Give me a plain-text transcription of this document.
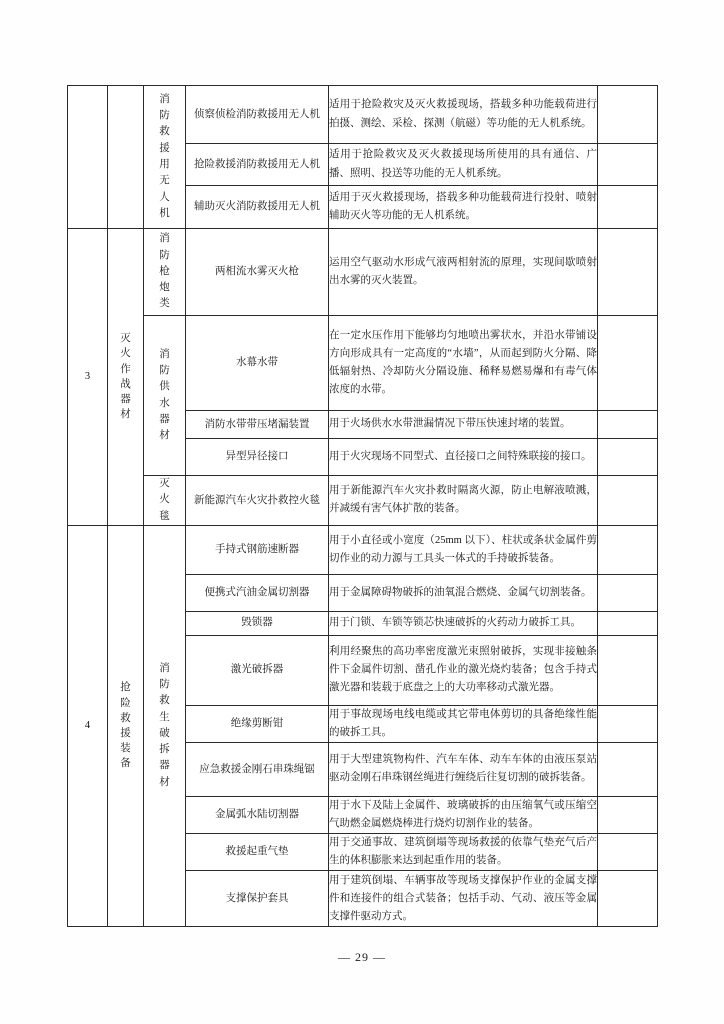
		消防救援用无人机	侦察侦检消防救援用无人机	适用于抢险救灾及灭火救援现场，搭载多种功能载荷进行拍摄、测绘、采检、探测（航磁）等功能的无人机系统。	
			抢险救援消防救援用无人机	适用于抢险救灾及灭火救援现场所使用的具有通信、广播、照明、投送等功能的无人机系统。	
			辅助灭火消防救援用无人机	适用于灭火救援现场，搭载多种功能载荷进行投射、喷射辅助灭火等功能的无人机系统。	
3	灭火作战器材	消防枪炮类	两相流水雾灭火枪	运用空气驱动水形成气液两相射流的原理，实现间歇喷射出水雾的灭火装置。	

		消防供水器材	水幕水带	在一定水压作用下能够均匀地喷出雾状水，并沿水带铺设方向形成具有一定高度的“水墙”，从而起到防火分隔、降低辐射热、冷却防火分隔设施、稀释易燃易爆和有毒气体浓度的水带。	
			消防水带带压堵漏装置	用于火场供水水带泄漏情况下带压快速封堵的装置。	
			异型异径接口	用于火灾现场不同型式、直径接口之间特殊联接的接口。	

		灭火毯	新能源汽车火灾扑救控火毯	用于新能源汽车火灾扑救时隔离火源，防止电解液喷溅，并减缓有害气体扩散的装备。	
4	抢险救援装备	消防救生破拆器材	手持式钢筋速断器	用于小直径或小宽度（25mm 以下）、柱状或条状金属件剪切作业的动力源与工具头一体式的手持破拆装备。	
			便携式汽油金属切割器	用于金属障碍物破拆的油氧混合燃烧、金属气切割装备。	
			毁锁器	用于门锁、车锁等锁芯快速破拆的火药动力破拆工具。	
			激光破拆器	利用经聚焦的高功率密度激光束照射破拆，实现非接触条件下金属件切割、凿孔作业的激光烧灼装备；包含手持式激光器和装载于底盘之上的大功率移动式激光器。	
			绝缘剪断钳	用于事故现场电线电缆或其它带电体剪切的具备绝缘性能的破拆工具。	
			应急救援金刚石串珠绳锯	用于大型建筑物构件、汽车车体、动车车体的由液压泵站驱动金刚石串珠钢丝绳进行缠绕后往复切割的破拆装备。	
			金属弧水陆切割器	用于水下及陆上金属件、玻璃破拆的由压缩氧气或压缩空气助燃金属燃烧棒进行烧灼切割作业的装备。	
			救援起重气垫	用于交通事故、建筑倒塌等现场救援的依靠气垫充气后产生的体积膨胀来达到起重作用的装备。	
			支撑保护套具	用于建筑倒塌、车辆事故等现场支撑保护作业的金属支撑件和连接件的组合式装备；包括手动、气动、液压等金属支撑件驱动方式。	
— 29 —
